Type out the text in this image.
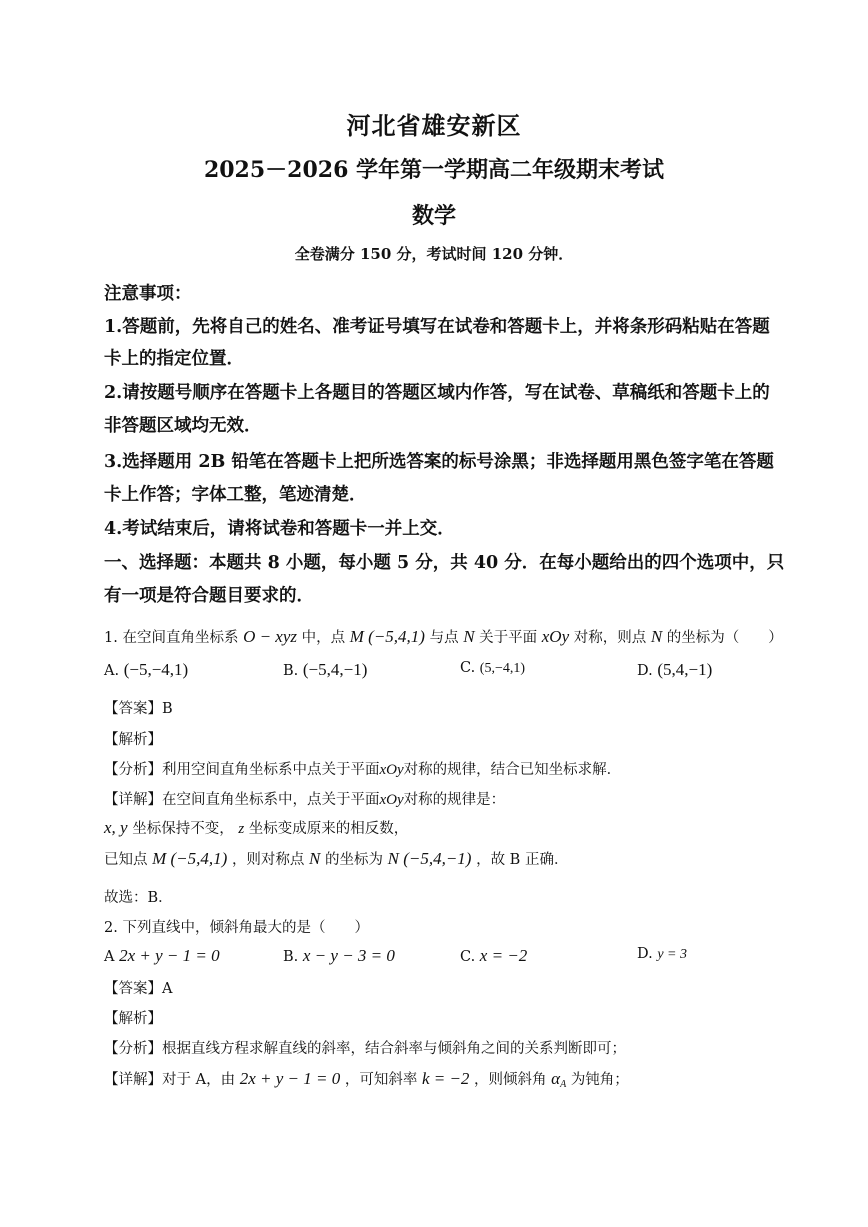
河北省雄安新区
2025－2026 学年第一学期高二年级期末考试
数学
全卷满分 150 分，考试时间 120 分钟．
注意事项：
1.答题前，先将自己的姓名、准考证号填写在试卷和答题卡上，并将条形码粘贴在答题
卡上的指定位置．
2.请按题号顺序在答题卡上各题目的答题区域内作答，写在试卷、草稿纸和答题卡上的
非答题区域均无效．
3.选择题用 2B 铅笔在答题卡上把所选答案的标号涂黑；非选择题用黑色签字笔在答题
卡上作答；字体工整，笔迹清楚．
4.考试结束后，请将试卷和答题卡一并上交．
一、选择题：本题共 8 小题，每小题 5 分，共 40 分．在每小题给出的四个选项中，只
有一项是符合题目要求的．
1. 在空间直角坐标系 O − xyz 中，点 M (−5,4,1) 与点 N 关于平面 xOy 对称，则点 N 的坐标为（　　）
A. (−5,−4,1)	B. (−5,4,−1)	C. (5,−4,1)	D. (5,4,−1)
【答案】B
【解析】
【分析】利用空间直角坐标系中点关于平面xOy对称的规律，结合已知坐标求解．
【详解】在空间直角坐标系中，点关于平面xOy对称的规律是：
x, y 坐标保持不变， z 坐标变成原来的相反数，
已知点 M (−5,4,1) ，则对称点 N 的坐标为 N (−5,4,−1) ，故 B 正确．
故选：B．
2. 下列直线中，倾斜角最大的是（　　）
A 2x + y − 1 = 0	B. x − y − 3 = 0	C. x = −2	D. y = 3
【答案】A
【解析】
【分析】根据直线方程求解直线的斜率，结合斜率与倾斜角之间的关系判断即可；
【详解】对于 A，由 2x + y − 1 = 0 ，可知斜率 k = −2 ，则倾斜角 $\alpha_A$ 为钝角；
